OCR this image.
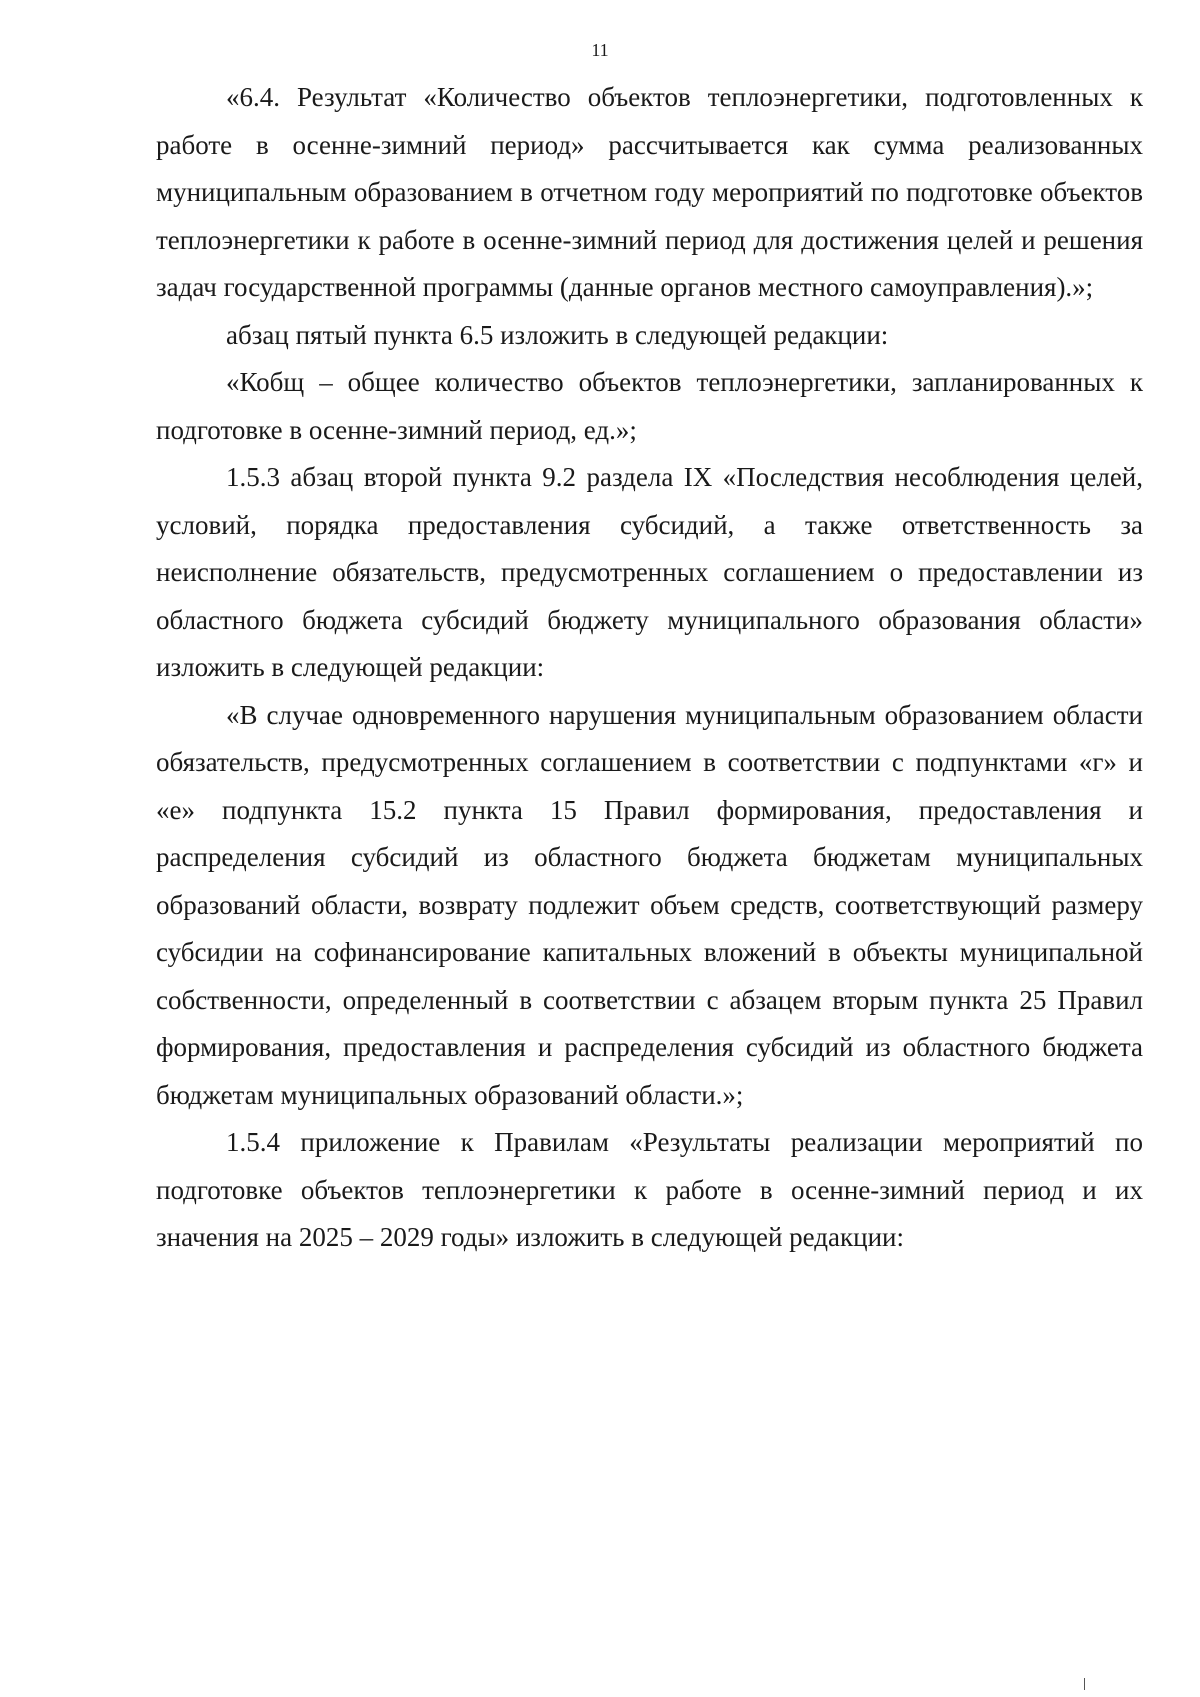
11

«6.4. Результат «Количество объектов теплоэнергетики, подготовленных к работе в осенне-зимний период» рассчитывается как сумма реализованных муниципальным образованием в отчетном году мероприятий по подготовке объектов теплоэнергетики к работе в осенне-зимний период для достижения целей и решения задач государственной программы (данные органов местного самоуправления).»;

абзац пятый пункта 6.5 изложить в следующей редакции:

«Кобщ – общее количество объектов теплоэнергетики, запланированных к подготовке в осенне-зимний период, ед.»;

1.5.3 абзац второй пункта 9.2 раздела IX «Последствия несоблюдения целей, условий, порядка предоставления субсидий, а также ответственность за неисполнение обязательств, предусмотренных соглашением о предоставлении из областного бюджета субсидий бюджету муниципального образования области» изложить в следующей редакции:

«В случае одновременного нарушения муниципальным образованием области обязательств, предусмотренных соглашением в соответствии с подпунктами «г» и «е» подпункта 15.2 пункта 15 Правил формирования, предоставления и распределения субсидий из областного бюджета бюджетам муниципальных образований области, возврату подлежит объем средств, соответствующий размеру субсидии на софинансирование капитальных вложений в объекты муниципальной собственности, определенный в соответствии с абзацем вторым пункта 25 Правил формирования, предоставления и распределения субсидий из областного бюджета бюджетам муниципальных образований области.»;

1.5.4 приложение к Правилам «Результаты реализации мероприятий по подготовке объектов теплоэнергетики к работе в осенне-зимний период и их значения на 2025 – 2029 годы» изложить в следующей редакции:
